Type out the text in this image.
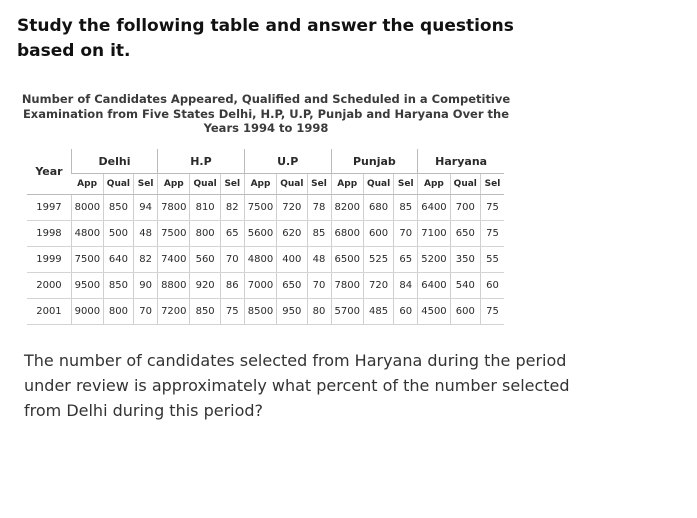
Study the following table and answer the questions based on it.
Number of Candidates Appeared, Qualified and Scheduled in a Competitive Examination from Five States Delhi, H.P, U.P, Punjab and Haryana Over the Years 1994 to 1998
Year	Delhi			H.P			U.P			Punjab			Haryana		
	App	Qual	Sel	App	Qual	Sel	App	Qual	Sel	App	Qual	Sel	App	Qual	Sel
1997	8000	850	94	7800	810	82	7500	720	78	8200	680	85	6400	700	75
1998	4800	500	48	7500	800	65	5600	620	85	6800	600	70	7100	650	75
1999	7500	640	82	7400	560	70	4800	400	48	6500	525	65	5200	350	55
2000	9500	850	90	8800	920	86	7000	650	70	7800	720	84	6400	540	60
2001	9000	800	70	7200	850	75	8500	950	80	5700	485	60	4500	600	75
The number of candidates selected from Haryana during the period under review is approximately what percent of the number selected from Delhi during this period?
